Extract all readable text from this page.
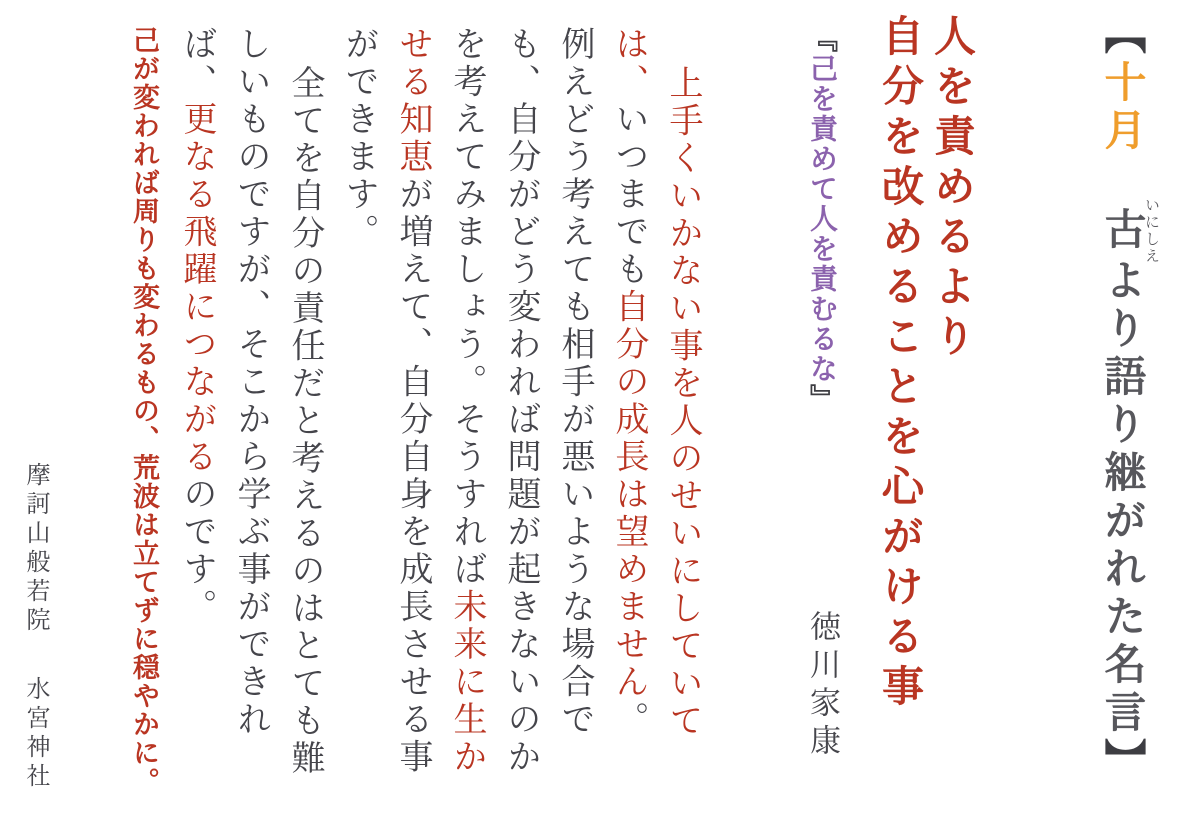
【十月　古いにしえより語り継がれた名言】
人を責めるより
自分を改めることを心がける事
『己を責めて人を責むるな』徳川家康
上手くいかない事を人のせいにしていて
は、いつまでも自分の成長は望めません。
例えどう考えても相手が悪いような場合で
も、自分がどう変われば問題が起きないのか
を考えてみましょう。そうすれば未来に生か
せる知恵が増えて、自分自身を成長させる事
ができます。
全てを自分の責任だと考えるのはとても難
しいものですが、そこから学ぶ事ができれ
ば、更なる飛躍につながるのです。
己が変われば周りも変わるもの、荒波は立てずに穏やかに。
摩訶山般若院水宮神社
